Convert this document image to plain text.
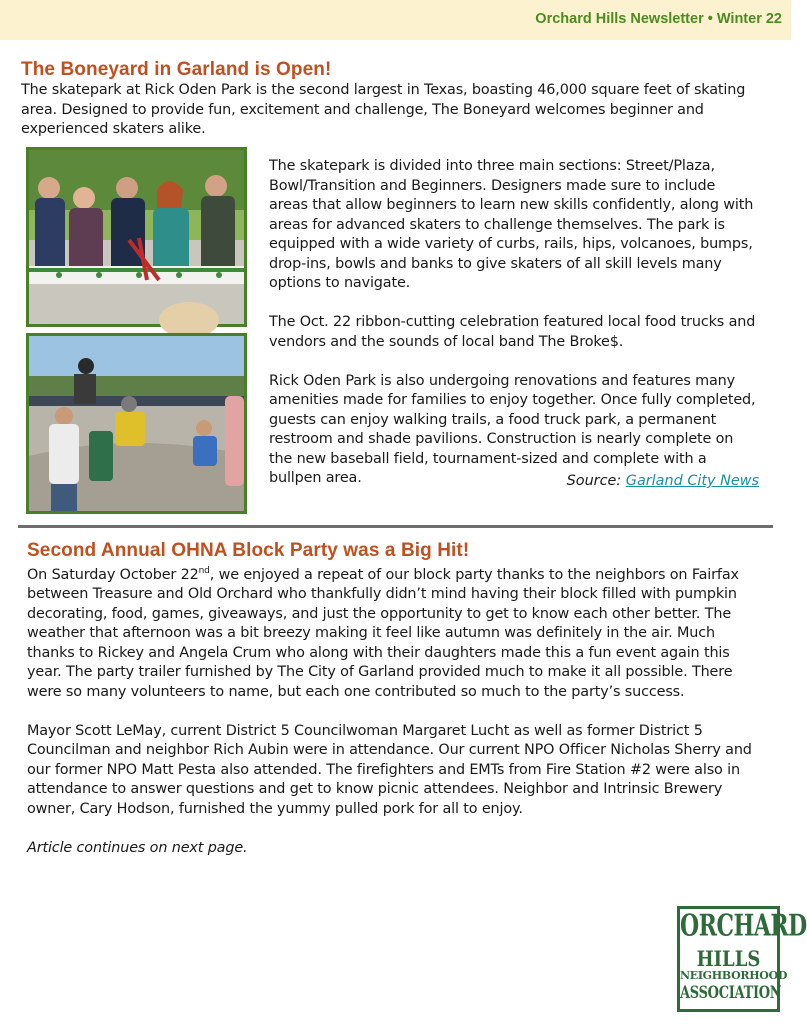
Orchard Hills Newsletter • Winter 22
The Boneyard in Garland is Open!

The skatepark at Rick Oden Park is the second largest in Texas, boasting 46,000 square feet of skating area. Designed to provide fun, excitement and challenge, The Boneyard welcomes beginner and experienced skaters alike.

The skatepark is divided into three main sections: Street/Plaza, Bowl/Transition and Beginners. Designers made sure to include areas that allow beginners to learn new skills confidently, along with areas for advanced skaters to challenge themselves. The park is equipped with a wide variety of curbs, rails, hips, volcanoes, bumps, drop-ins, bowls and banks to give skaters of all skill levels many options to navigate.

The Oct. 22 ribbon-cutting celebration featured local food trucks and vendors and the sounds of local band The Broke$.

Rick Oden Park is also undergoing renovations and features many amenities made for families to enjoy together. Once fully completed, guests can enjoy walking trails, a food truck park, a permanent restroom and shade pavilions. Construction is nearly complete on the new baseball field, tournament-sized and complete with a bullpen area.	Source: Garland City News
Second Annual OHNA Block Party was a Big Hit!

On Saturday October 22nd, we enjoyed a repeat of our block party thanks to the neighbors on Fairfax between Treasure and Old Orchard who thankfully didn’t mind having their block filled with pumpkin decorating, food, games, giveaways, and just the opportunity to get to know each other better. The weather that afternoon was a bit breezy making it feel like autumn was definitely in the air. Much thanks to Rickey and Angela Crum who along with their daughters made this a fun event again this year. The party trailer furnished by The City of Garland provided much to make it all possible. There were so many volunteers to name, but each one contributed so much to the party’s success.

Mayor Scott LeMay, current District 5 Councilwoman Margaret Lucht as well as former District 5 Councilman and neighbor Rich Aubin were in attendance. Our current NPO Officer Nicholas Sherry and our former NPO Matt Pesta also attended. The firefighters and EMTs from Fire Station #2 were also in attendance to answer questions and get to know picnic attendees. Neighbor and Intrinsic Brewery owner, Cary Hodson, furnished the yummy pulled pork for all to enjoy.

Article continues on next page.

ORCHARD
HILLS
NEIGHBORHOOD
ASSOCIATION
